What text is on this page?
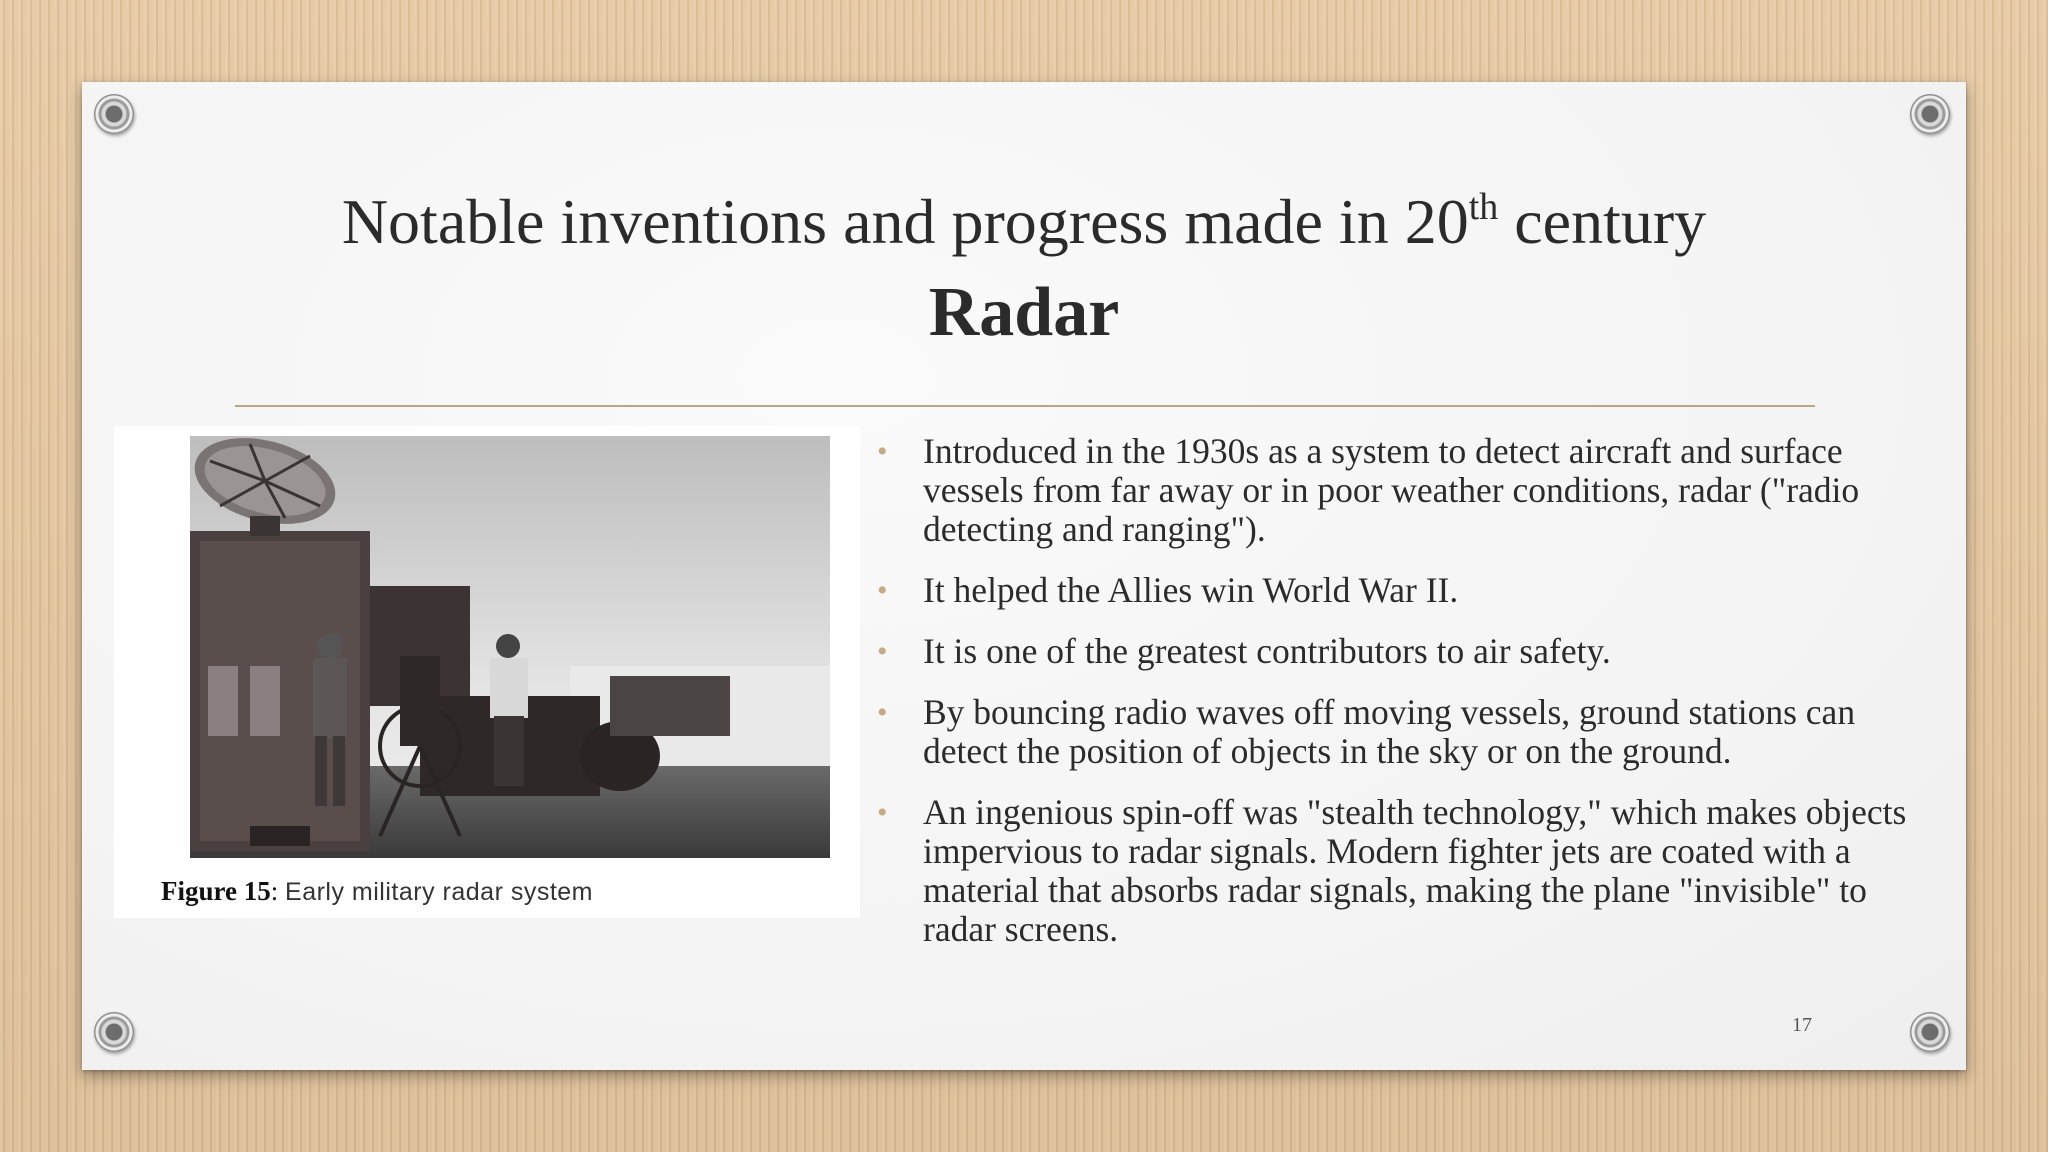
Notable inventions and progress made in 20th century
Radar
Figure 15: Early military radar system
• Introduced in the 1930s as a system to detect aircraft and surface vessels from far away or in poor weather conditions, radar ("radio detecting and ranging").
• It helped the Allies win World War II.
• It is one of the greatest contributors to air safety.
• By bouncing radio waves off moving vessels, ground stations can detect the position of objects in the sky or on the ground.
• An ingenious spin-off was "stealth technology," which makes objects impervious to radar signals. Modern fighter jets are coated with a material that absorbs radar signals, making the plane "invisible" to radar screens.
17
